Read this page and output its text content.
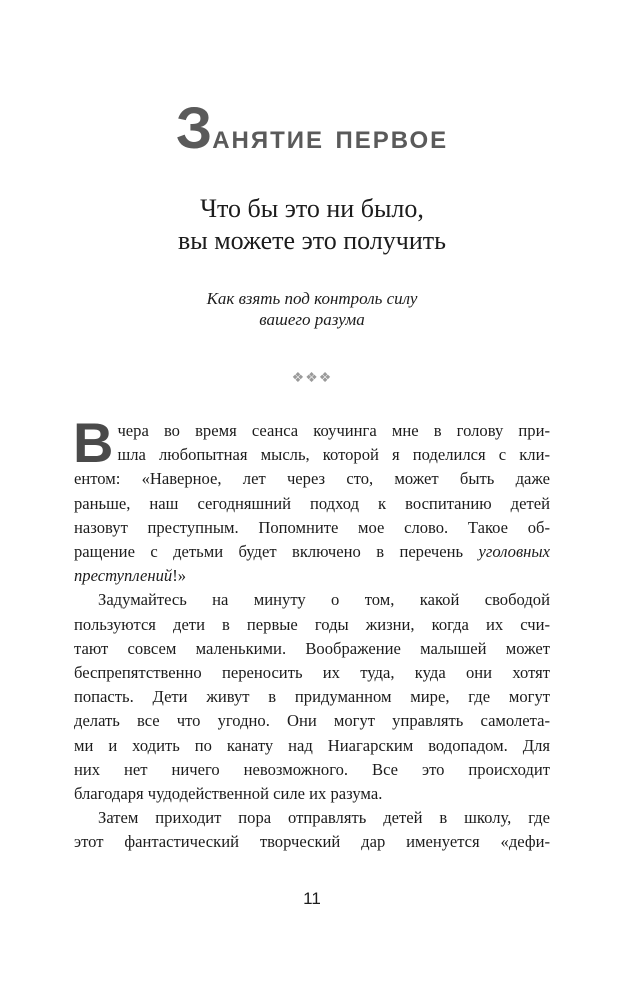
Занятие первое
Что бы это ни было,
вы можете это получить
Как взять под контроль силу
вашего разума
❖❖❖
В чера во время сеанса коучинга мне в голову при-
шла любопытная мысль, которой я поделился с кли-
ентом: «Наверное, лет через сто, может быть даже
раньше, наш сегодняшний подход к воспитанию детей
назовут преступным. Попомните мое слово. Такое об-
ращение с детьми будет включено в перечень уголовных
преступлений!»
Задумайтесь на минуту о том, какой свободой
пользуются дети в первые годы жизни, когда их счи-
тают совсем маленькими. Воображение малышей может
беспрепятственно переносить их туда, куда они хотят
попасть. Дети живут в придуманном мире, где могут
делать все что угодно. Они могут управлять самолета-
ми и ходить по канату над Ниагарским водопадом. Для
них нет ничего невозможного. Все это происходит
благодаря чудодейственной силе их разума.
Затем приходит пора отправлять детей в школу, где
этот фантастический творческий дар именуется «дефи-
11
